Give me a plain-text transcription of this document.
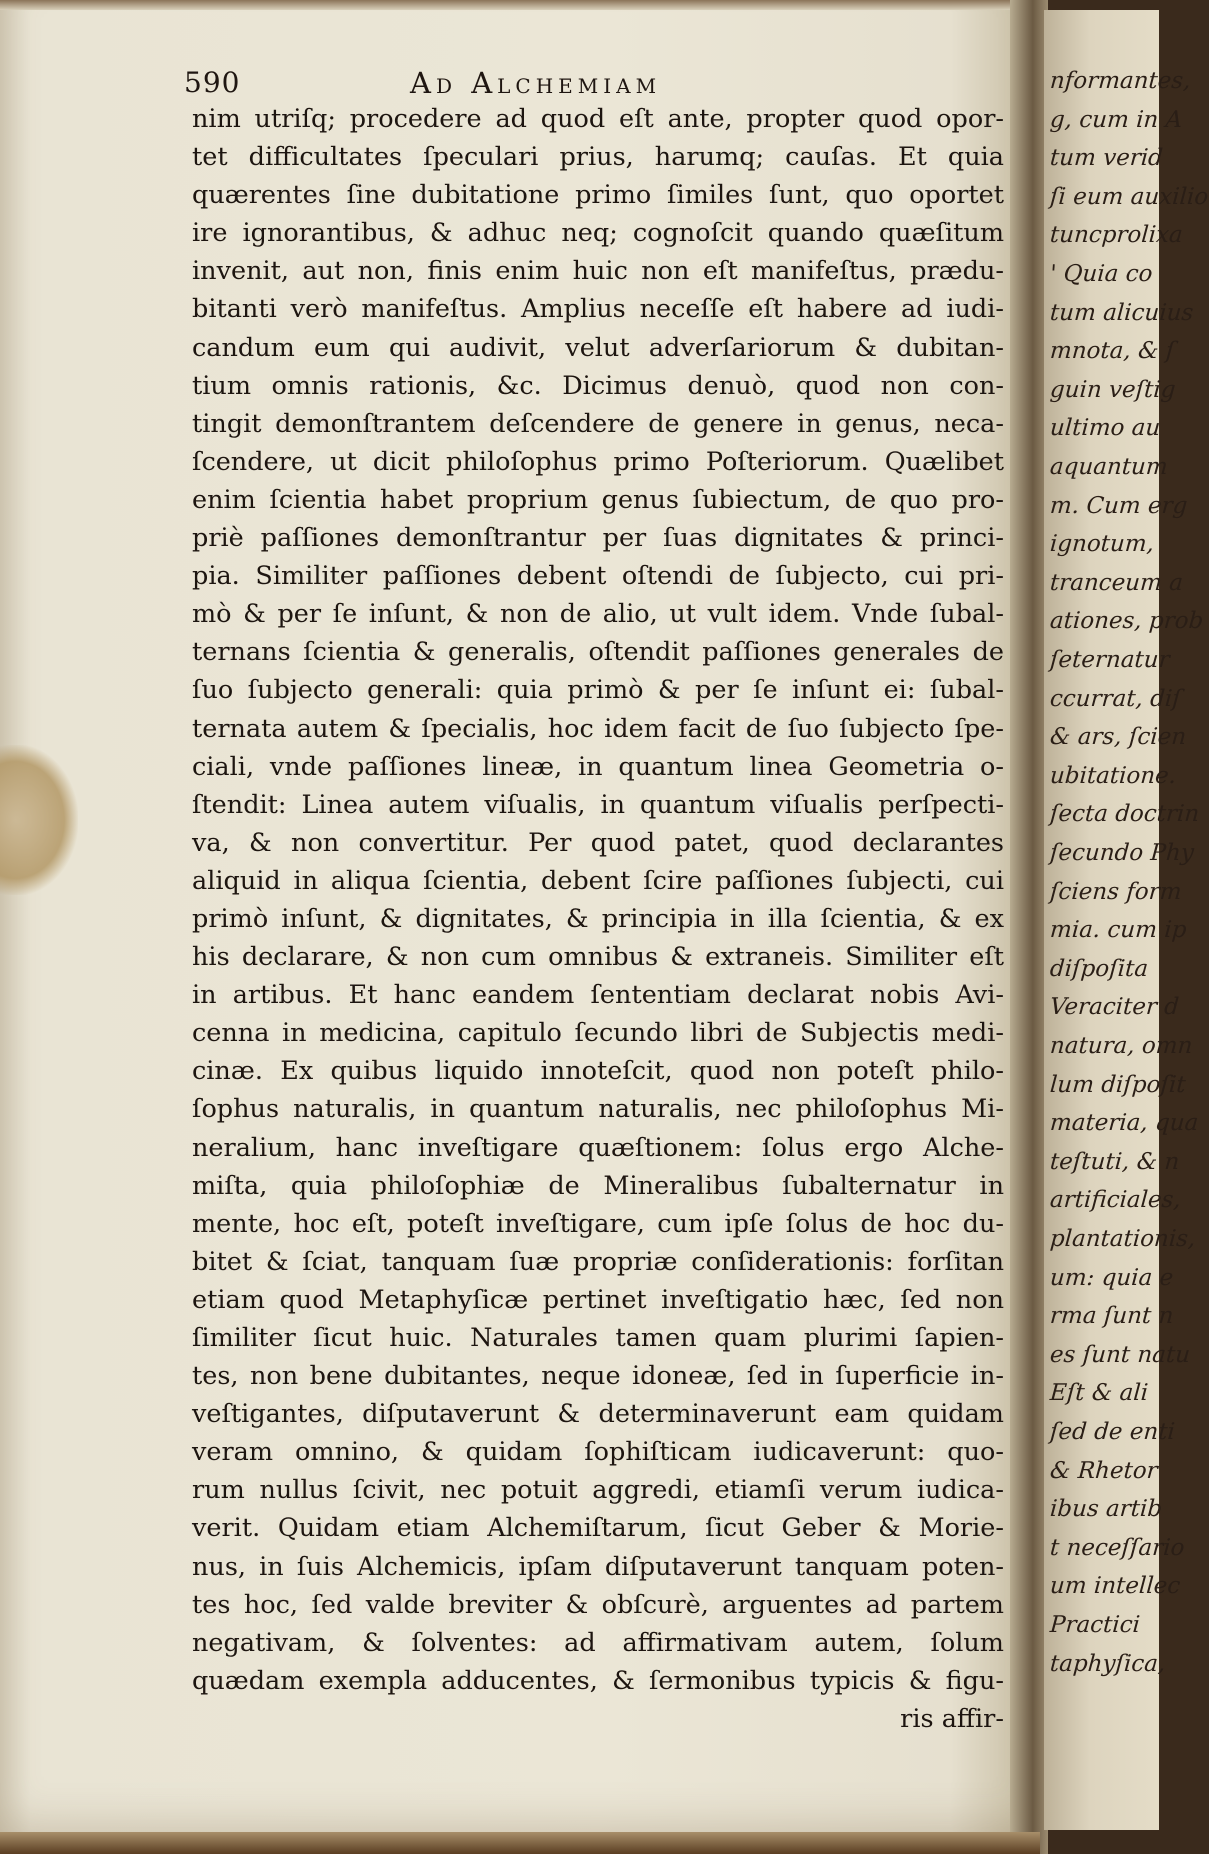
nformantes,
g, cum in A
tum verid
ſi eum auxilio
tuncprolixa
' Quia co
tum alicuius
mnota, & ſ
guin veſtig
ultimo au
aquantum
m. Cum erg
ignotum,
tranceum a
ationes, prob
ſeternatur
ccurrat, diſ
& ars, ſcien
ubitatione.
ſecta doctrin
ſecundo Phy
ſciens form
mia. cum ip
diſpoſita
Veraciter d
natura, omn
lum diſpoſit
materia, qua
teſtuti, & n
artificiales,
plantationis,
um: quia e
rma ſunt n
es ſunt natu
Eſt & ali
ſed de enti
& Rhetor
ibus artib
t neceſſario
um intellec
Practici
taphyſica,
590	Ad Alchemiam
nim utriſq; procedere ad quod eſt ante, propter quod opor-
tet difficultates ſpeculari prius, harumq; cauſas. Et quia
quærentes ſine dubitatione primo ſimiles ſunt, quo oportet
ire ignorantibus, & adhuc neq; cognoſcit quando quæſitum
invenit, aut non, finis enim huic non eſt manifeſtus, prædu-
bitanti verò manifeſtus. Amplius neceſſe eſt habere ad iudi-
candum eum qui audivit, velut adverſariorum & dubitan-
tium omnis rationis, &c. Dicimus denuò, quod non con-
tingit demonſtrantem deſcendere de genere in genus, neca-
ſcendere, ut dicit philoſophus primo Poſteriorum. Quælibet
enim ſcientia habet proprium genus ſubiectum, de quo pro-
priè paſſiones demonſtrantur per ſuas dignitates & princi-
pia. Similiter paſſiones debent oſtendi de ſubjecto, cui pri-
mò & per ſe inſunt, & non de alio, ut vult idem. Vnde ſubal-
ternans ſcientia & generalis, oſtendit paſſiones generales de
ſuo ſubjecto generali: quia primò & per ſe inſunt ei: ſubal-
ternata autem & ſpecialis, hoc idem facit de ſuo ſubjecto ſpe-
ciali, vnde paſſiones lineæ, in quantum linea Geometria o-
ſtendit: Linea autem viſualis, in quantum viſualis perſpecti-
va, & non convertitur. Per quod patet, quod declarantes
aliquid in aliqua ſcientia, debent ſcire paſſiones ſubjecti, cui
primò inſunt, & dignitates, & principia in illa ſcientia, & ex
his declarare, & non cum omnibus & extraneis. Similiter eſt
in artibus. Et hanc eandem ſententiam declarat nobis Avi-
cenna in medicina, capitulo ſecundo libri de Subjectis medi-
cinæ. Ex quibus liquido innoteſcit, quod non poteſt philo-
ſophus naturalis, in quantum naturalis, nec philoſophus Mi-
neralium, hanc inveſtigare quæſtionem: ſolus ergo Alche-
miſta, quia philoſophiæ de Mineralibus ſubalternatur in
mente, hoc eſt, poteſt inveſtigare, cum ipſe ſolus de hoc du-
bitet & ſciat, tanquam ſuæ propriæ conſiderationis: forſitan
etiam quod Metaphyſicæ pertinet inveſtigatio hæc, ſed non
ſimiliter ſicut huic. Naturales tamen quam plurimi ſapien-
tes, non bene dubitantes, neque idoneæ, ſed in ſuperficie in-
veſtigantes, diſputaverunt & determinaverunt eam quidam
veram omnino, & quidam ſophiſticam iudicaverunt: quo-
rum nullus ſcivit, nec potuit aggredi, etiamſi verum iudica-
verit. Quidam etiam Alchemiſtarum, ſicut Geber & Morie-
nus, in ſuis Alchemicis, ipſam diſputaverunt tanquam poten-
tes hoc, ſed valde breviter & obſcurè, arguentes ad partem
negativam, & ſolventes: ad affirmativam autem, ſolum
quædam exempla adducentes, & ſermonibus typicis & figu-
ris affir-
